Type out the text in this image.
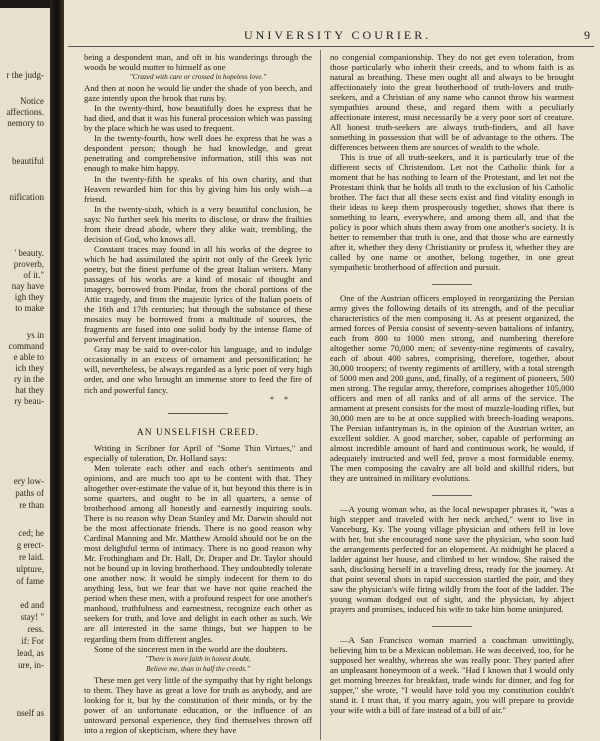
r the judg-
Notice
affections.
nemory to
beautiful
nification
' beauty.
proverb,
of it."
nay have
igh they
to make
ys in
command
e able to
ich they
ry in the
hat they
ry beau-
ery low-
paths of
re than
ced; he
g erect-
re laid.
ulpture,
of fame
ed and
stay! "
ress.
if: For
lead, as
ure, in-
nself as
UNIVERSITY COURIER.	9

being a despondent man, and oft in his wanderings through the woods he would mutter to himself as one

"Crazed with care or crossed in hopeless love."

And then at noon he would lie under the shade of yon beech, and gaze intently upon the brook that runs by.

In the twenty-third, how beautifully does he express that he had died, and that it was his funeral procession which was passing by the place which he was used to frequent.

In the twenty-fourth, how well does he express that he was a despondent person; though he had knowledge, and great penetrating and comprehensive information, still this was not enough to make him happy.

In the twenty-fifth he speaks of his own charity, and that Heaven rewarded him for this by giving him his only wish—a friend.

In the twenty-sixth, which is a very beautiful conclusion, he says: No further seek his merits to disclose, or draw the frailties from their dread abode, where they alike wait, trembling, the decision of God, who knows all.

Constant traces may found in all his works of the degree to which he had assimilated the spirit not only of the Greek lyric poetry, but the finest perfume of the great Italian writers. Many passages of his works are a kind of mosaic of thought and imagery, borrowed from Pindar, from the choral portions of the Attic tragedy, and from the majestic lyrics of the Italian poets of the 16th and 17th centuries; but through the substance of these mosaics may be borrowed from a multitude of sources, the fragments are fused into one solid body by the intense flame of powerful and fervent imagination.

Gray may be said to over-color his language, and to indulge occasionally in an excess of ornament and personification; he will, nevertheless, be always regarded as a lyric poet of very high order, and one who brought an immense store to feed the fire of rich and powerful fancy.

* *

AN UNSELFISH CREED.

Writing in Scribner for April of "Some Thin Virtues," and especially of toleration, Dr. Holland says:

Men tolerate each other and each other's sentiments and opinions, and are much too apt to be content with that. They altogether over-estimate the value of it, but beyond this there is in some quarters, and ought to be in all quarters, a sense of brotherhood among all honestly and earnestly inquiring souls. There is no reason why Dean Stanley and Mr. Darwin should not be the most affectionate friends. There is no good reason why Cardinal Manning and Mr. Matthew Arnold should not be on the most delightful terms of intimacy. There is no good reason why Mr. Frothingham and Dr. Hall, Dr. Draper and Dr. Taylor should not be bound up in loving brotherhood. They undoubtedly tolerate one another now. It would be simply indecent for them to do anything less, but we fear that we have not quite reached the period when these men, with a profound respect for one another's manhood, truthfulness and earnestness, recognize each other as seekers for truth, and love and delight in each other as such. We are all interested in the same things, but we happen to be regarding them from different angles.

Some of the sincerest men in the world are the doubters.

"There is more faith in honest doubt,

Believe me, than in half the creeds."

These men get very little of the sympathy that by right belongs to them. They have as great a love for truth as anybody, and are looking for it, but by the constitution of their minds, or by the power of an unfortunate education, or the influence of an untoward personal experience, they find themselves thrown off into a region of skepticism, where they have

no congenial companionship. They do not get even toleration, from those particularly who inherit their creeds, and to whom faith is as natural as breathing. These men ought all and always to be brought affectionately into the great brotherhood of truth-lovers and truth-seekers, and a Christian of any name who cannot throw his warmest sympathies around these, and regard them with a peculiarly affectionate interest, must necessarily be a very poor sort of creature. All honest truth-seekers are always truth-finders, and all have something in possession that will be of advantage to the others. The differences between them are sources of wealth to the whole.

This is true of all truth-seekers, and it is particularly true of the different sects of Christendom. Let not the Catholic think for a moment that he has nothing to learn of the Protestant, and let not the Protestant think that he holds all truth to the exclusion of his Catholic brother. The fact that all these sects exist and find vitality enough in their ideas to keep them prosperously together, shows that there is something to learn, everywhere, and among them all, and that the policy is poor which shuts them away from one another's society. It is better to remember that truth is one, and that those who are earnestly after it, whether they deny Christianity or profess it, whether they are called by one name or another, belong together, in one great sympathetic brotherhood of affection and pursuit.

One of the Austrian officers employed in reorganizing the Persian army gives the following details of its strength, and of the peculiar characteristics of the men composing it. As at present organized, the armed forces of Persia consist of seventy-seven battalions of infantry, each from 800 to 1000 men strong, and numbering therefore altogether some 70,000 men; of seventy-nine regiments of cavalry, each of about 400 sabres, comprising, therefore, together, about 30,000 troopers; of twenty regiments of artillery, with a total strength of 5000 men and 200 guns, and, finally, of a regiment of pioneers, 500 men strong. The regular army, therefore, comprises altogether 105,000 officers and men of all ranks and of all arms of the service. The armament at present consists for the most of muzzle-loading rifles, but 30,000 men are to be at once supplied with breech-loading weapons. The Persian infantryman is, in the opinion of the Austrian writer, an excellent soldier. A good marcher, sober, capable of performing an almost incredible amount of hard and continuous work, he would, if adequately instructed and well fed, prove a most formidable enemy. The men composing the cavalry are all bold and skillful riders, but they are untrained in military evolutions.

—A young woman who, as the local newspaper phrases it, "was a high stepper and traveled with her neck arched," went to live in Vanceburg, Ky. The young village physician and others fell in love with her, but she encouraged none save the physician, who soon had the arrangements perfected for an elopement. At midnight he placed a ladder against her house, and climbed to her window. She raised the sash, disclosing herself in a traveling dress, ready for the journey. At that point several shots in rapid succession startled the pair, and they saw the physician's wife firing wildly from the foot of the ladder. The young woman dodged out of sight, and the physician, by abject prayers and promises, induced his wife to take him home uninjured.

—A San Francisco woman married a coachman unwittingly, believing him to be a Mexican nobleman. He was deceived, too, for he supposed her wealthy, whereas she was really poor. They parted after an unpleasant honeymoon of a week. "Had I known that I would only get morning breezes for breakfast, trade winds for dinner, and fog for supper," she wrote, "I would have told you my constitution couldn't stand it. I trust that, if you marry again, you will prepare to provide your wife with a bill of fare instead of a bill of air."
